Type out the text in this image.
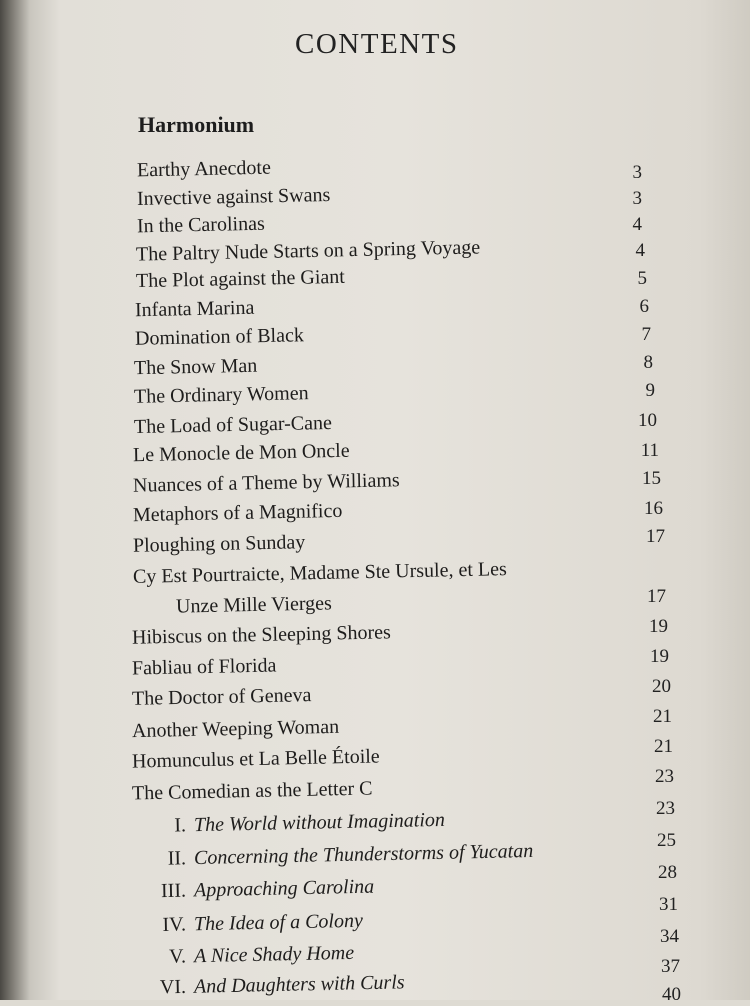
CONTENTS
Harmonium
Earthy Anecdote
Invective against Swans
In the Carolinas
The Paltry Nude Starts on a Spring Voyage
The Plot against the Giant
Infanta Marina
Domination of Black
The Snow Man
The Ordinary Women
The Load of Sugar-Cane
Le Monocle de Mon Oncle
Nuances of a Theme by Williams
Metaphors of a Magnifico
Ploughing on Sunday
Cy Est Pourtraicte, Madame Ste Ursule, et Les
Unze Mille Vierges
Hibiscus on the Sleeping Shores
Fabliau of Florida
The Doctor of Geneva
Another Weeping Woman
Homunculus et La Belle Étoile
The Comedian as the Letter C
I. The World without Imagination
II. Concerning the Thunderstorms of Yucatan
III. Approaching Carolina
IV. The Idea of a Colony
V. A Nice Shady Home
VI. And Daughters with Curls
3
3
4
4
5
6
7
8
9
10
11
15
16
17
17
19
19
20
21
21
23
23
25
28
31
34
37
40
